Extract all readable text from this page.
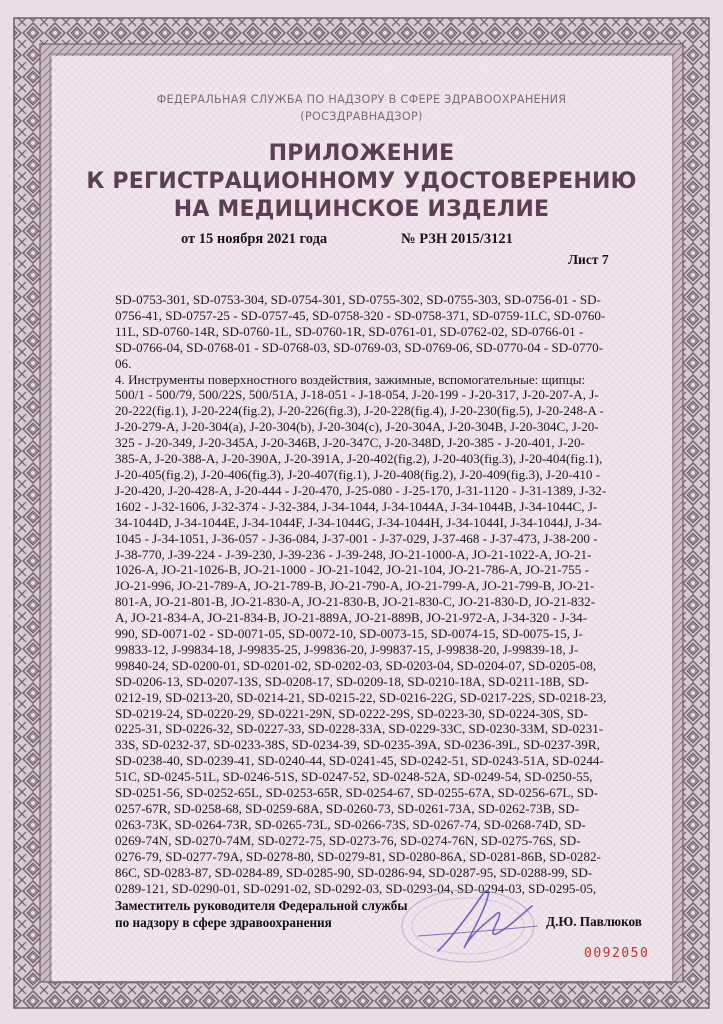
ФЕДЕРАЛЬНАЯ СЛУЖБА ПО НАДЗОРУ В СФЕРЕ ЗДРАВООХРАНЕНИЯ
(РОСЗДРАВНАДЗОР)
ПРИЛОЖЕНИЕ
К РЕГИСТРАЦИОННОМУ УДОСТОВЕРЕНИЮ
НА МЕДИЦИНСКОЕ ИЗДЕЛИЕ
от 15 ноября 2021 года	№ РЗН 2015/3121
Лист 7
SD-0753-301, SD-0753-304, SD-0754-301, SD-0755-302, SD-0755-303, SD-0756-01 - SD-
0756-41, SD-0757-25 - SD-0757-45, SD-0758-320 - SD-0758-371, SD-0759-1LC, SD-0760-
11L, SD-0760-14R, SD-0760-1L, SD-0760-1R, SD-0761-01, SD-0762-02, SD-0766-01 -
SD-0766-04, SD-0768-01 - SD-0768-03, SD-0769-03, SD-0769-06, SD-0770-04 - SD-0770-
06.
4. Инструменты поверхностного воздействия, зажимные, вспомогательные: щипцы:
500/1 - 500/79, 500/22S, 500/51A, J-18-051 - J-18-054, J-20-199 - J-20-317, J-20-207-A, J-
20-222(fig.1), J-20-224(fig.2), J-20-226(fig.3), J-20-228(fig.4), J-20-230(fig.5), J-20-248-A -
J-20-279-A, J-20-304(a), J-20-304(b), J-20-304(c), J-20-304A, J-20-304B, J-20-304C, J-20-
325 - J-20-349, J-20-345A, J-20-346B, J-20-347C, J-20-348D, J-20-385 - J-20-401, J-20-
385-A, J-20-388-A, J-20-390A, J-20-391A, J-20-402(fig.2), J-20-403(fig.3), J-20-404(fig.1),
J-20-405(fig.2), J-20-406(fig.3), J-20-407(fig.1), J-20-408(fig.2), J-20-409(fig.3), J-20-410 -
J-20-420, J-20-428-A, J-20-444 - J-20-470, J-25-080 - J-25-170, J-31-1120 - J-31-1389, J-32-
1602 - J-32-1606, J-32-374 - J-32-384, J-34-1044, J-34-1044A, J-34-1044B, J-34-1044C, J-
34-1044D, J-34-1044E, J-34-1044F, J-34-1044G, J-34-1044H, J-34-1044I, J-34-1044J, J-34-
1045 - J-34-1051, J-36-057 - J-36-084, J-37-001 - J-37-029, J-37-468 - J-37-473, J-38-200 -
J-38-770, J-39-224 - J-39-230, J-39-236 - J-39-248, JO-21-1000-A, JO-21-1022-A, JO-21-
1026-A, JO-21-1026-B, JO-21-1000 - JO-21-1042, JO-21-104, JO-21-786-A, JO-21-755 -
JO-21-996, JO-21-789-A, JO-21-789-B, JO-21-790-A, JO-21-799-A, JO-21-799-B, JO-21-
801-A, JO-21-801-B, JO-21-830-A, JO-21-830-B, JO-21-830-C, JO-21-830-D, JO-21-832-
A, JO-21-834-A, JO-21-834-B, JO-21-889A, JO-21-889B, JO-21-972-A, J-34-320 - J-34-
990, SD-0071-02 - SD-0071-05, SD-0072-10, SD-0073-15, SD-0074-15, SD-0075-15, J-
99833-12, J-99834-18, J-99835-25, J-99836-20, J-99837-15, J-99838-20, J-99839-18, J-
99840-24, SD-0200-01, SD-0201-02, SD-0202-03, SD-0203-04, SD-0204-07, SD-0205-08,
SD-0206-13, SD-0207-13S, SD-0208-17, SD-0209-18, SD-0210-18A, SD-0211-18B, SD-
0212-19, SD-0213-20, SD-0214-21, SD-0215-22, SD-0216-22G, SD-0217-22S, SD-0218-23,
SD-0219-24, SD-0220-29, SD-0221-29N, SD-0222-29S, SD-0223-30, SD-0224-30S, SD-
0225-31, SD-0226-32, SD-0227-33, SD-0228-33A, SD-0229-33C, SD-0230-33M, SD-0231-
33S, SD-0232-37, SD-0233-38S, SD-0234-39, SD-0235-39A, SD-0236-39L, SD-0237-39R,
SD-0238-40, SD-0239-41, SD-0240-44, SD-0241-45, SD-0242-51, SD-0243-51A, SD-0244-
51C, SD-0245-51L, SD-0246-51S, SD-0247-52, SD-0248-52A, SD-0249-54, SD-0250-55,
SD-0251-56, SD-0252-65L, SD-0253-65R, SD-0254-67, SD-0255-67A, SD-0256-67L, SD-
0257-67R, SD-0258-68, SD-0259-68A, SD-0260-73, SD-0261-73A, SD-0262-73B, SD-
0263-73K, SD-0264-73R, SD-0265-73L, SD-0266-73S, SD-0267-74, SD-0268-74D, SD-
0269-74N, SD-0270-74M, SD-0272-75, SD-0273-76, SD-0274-76N, SD-0275-76S, SD-
0276-79, SD-0277-79A, SD-0278-80, SD-0279-81, SD-0280-86A, SD-0281-86B, SD-0282-
86C, SD-0283-87, SD-0284-89, SD-0285-90, SD-0286-94, SD-0287-95, SD-0288-99, SD-
0289-121, SD-0290-01, SD-0291-02, SD-0292-03, SD-0293-04, SD-0294-03, SD-0295-05,
Заместитель руководителя Федеральной службы
по надзору в сфере здравоохранения	Д.Ю. Павлюков
0092050
